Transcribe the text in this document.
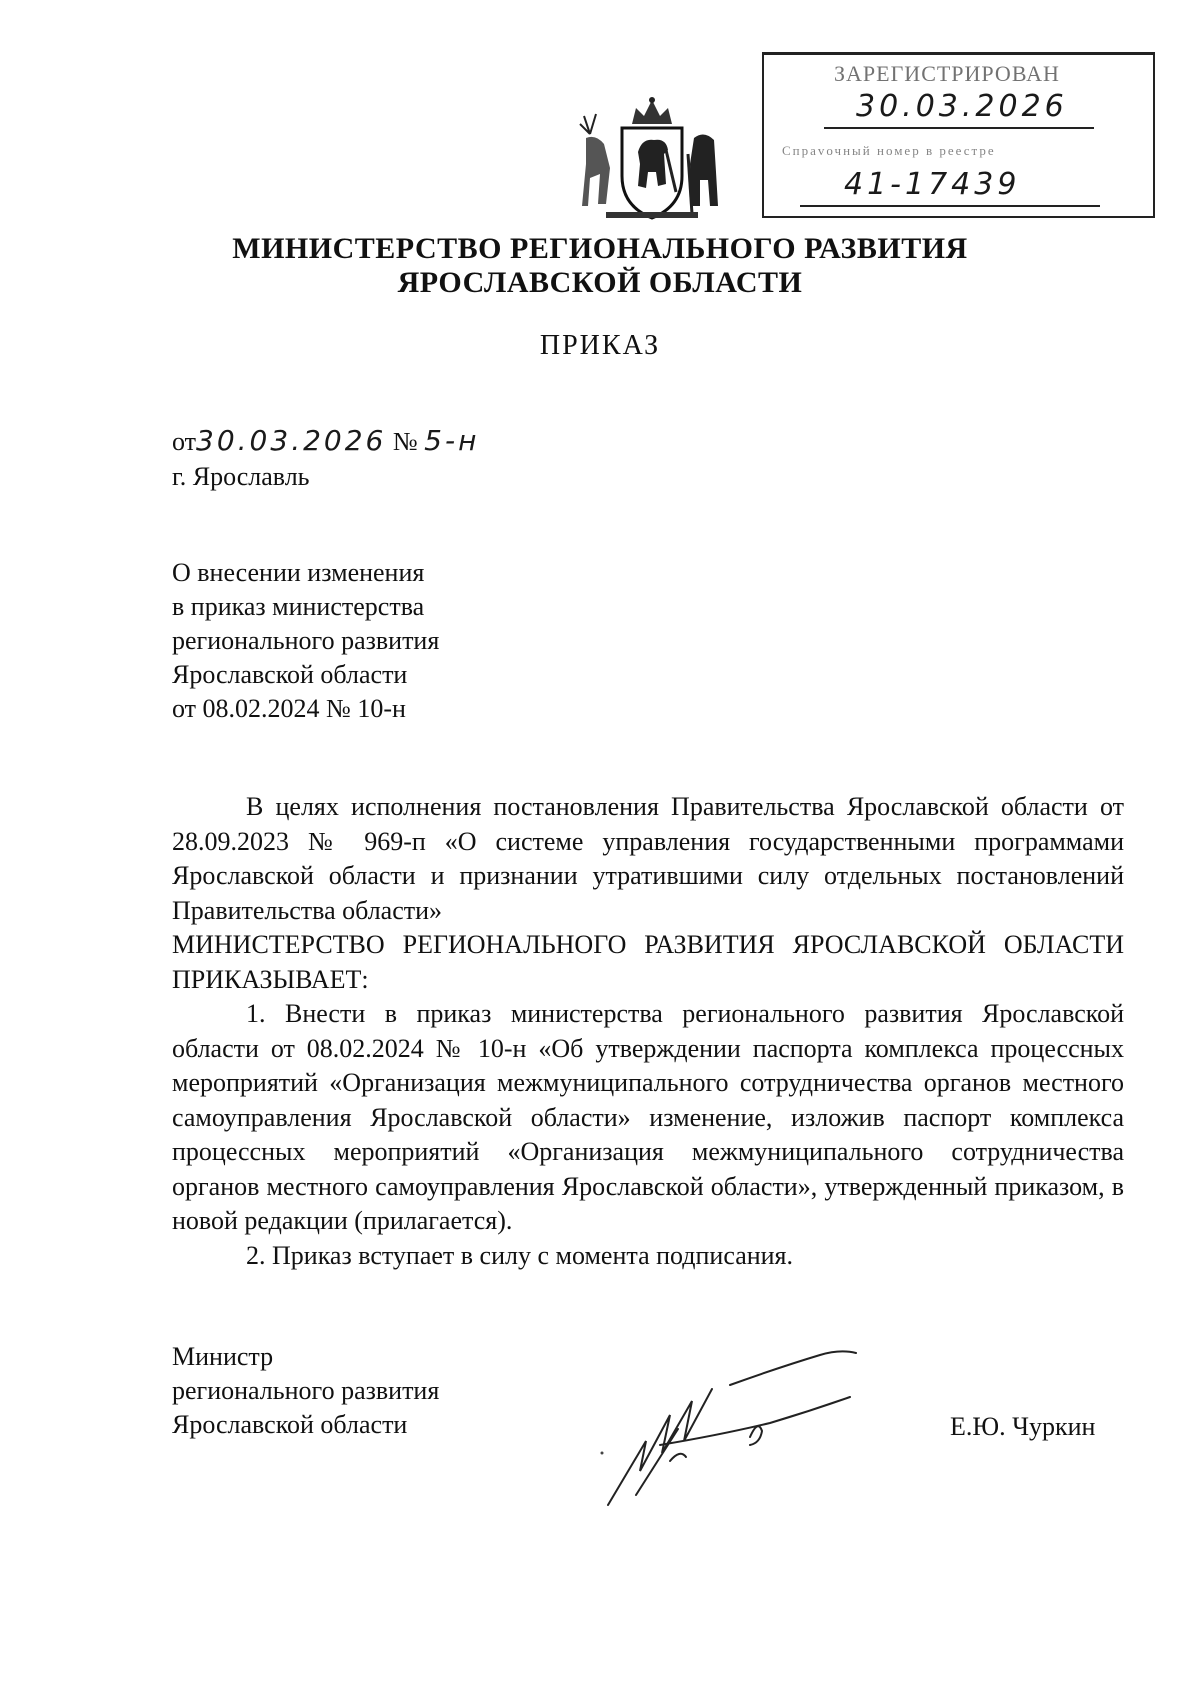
ЗАРЕГИСТРИРОВАН
30.03.2026
Спрavочный номер в реестре
41-17439
МИНИСТЕРСТВО РЕГИОНАЛЬНОГО РАЗВИТИЯ
ЯРОСЛАВСКОЙ ОБЛАСТИ
ПРИКАЗ
от30.03.2026 № 5-н
г. Ярославль
О внесении изменения
в приказ министерства
регионального развития
Ярославской области
от 08.02.2024 № 10-н

В целях исполнения постановления Правительства Ярославской области от 28.09.2023 № 969-п «О системе управления государственными программами Ярославской области и признании утратившими силу отдельных постановлений Правительства области»

МИНИСТЕРСТВО РЕГИОНАЛЬНОГО РАЗВИТИЯ ЯРОСЛАВСКОЙ ОБЛАСТИ ПРИКАЗЫВАЕТ:

1. Внести в приказ министерства регионального развития Ярославской области от 08.02.2024 № 10-н «Об утверждении паспорта комплекса процессных мероприятий «Организация межмуниципального сотрудничества органов местного самоуправления Ярославской области» изменение, изложив паспорт комплекса процессных мероприятий «Организация межмуниципального сотрудничества органов местного самоуправления Ярославской области», утвержденный приказом, в новой редакции (прилагается).

2. Приказ вступает в силу с момента подписания.

Министр
регионального развития
Ярославской области	Е.Ю. Чуркин
